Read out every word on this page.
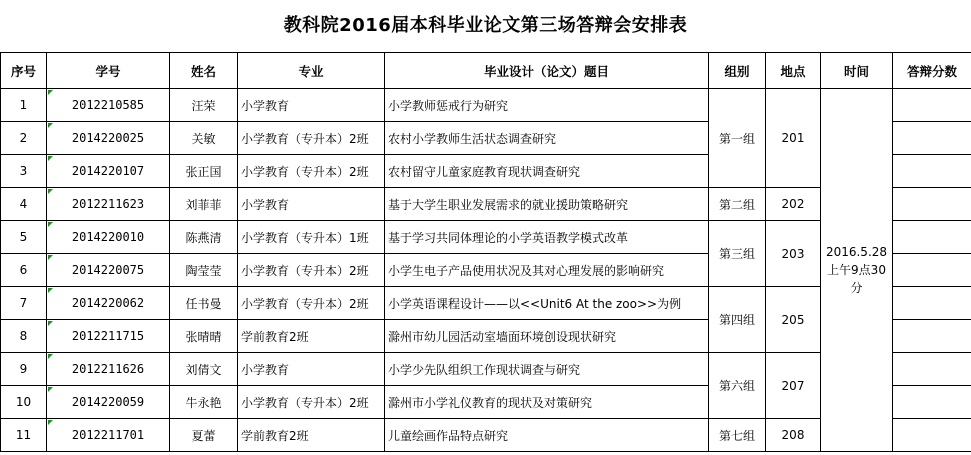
教科院2016届本科毕业论文第三场答辩会安排表
序号	学号	姓名	专业	毕业设计（论文）题目	组别	地点	时间	答辩分数
1	2012210585	汪荣	小学教育	小学教师惩戒行为研究	第一组	201	2016.5.28上午9点30分	
2	2014220025	关敏	小学教育（专升本）2班	农村小学教师生活状态调查研究				
3	2014220107	张正国	小学教育（专升本）2班	农村留守儿童家庭教育现状调查研究				
4	2012211623	刘菲菲	小学教育	基于大学生职业发展需求的就业援助策略研究	第二组	202		
5	2014220010	陈燕清	小学教育（专升本）1班	基于学习共同体理论的小学英语教学模式改革	第三组	203		
6	2014220075	陶莹莹	小学教育（专升本）2班	小学生电子产品使用状况及其对心理发展的影响研究				
7	2014220062	任书曼	小学教育（专升本）2班	小学英语课程设计——以<<Unit6 At the zoo>>为例	第四组	205		
8	2012211715	张晴晴	学前教育2班	滁州市幼儿园活动室墙面环境创设现状研究				
9	2012211626	刘倩文	小学教育	小学少先队组织工作现状调查与研究	第六组	207		
10	2014220059	牛永艳	小学教育（专升本）2班	滁州市小学礼仪教育的现状及对策研究				
11	2012211701	夏蕾	学前教育2班	儿童绘画作品特点研究	第七组	208		
